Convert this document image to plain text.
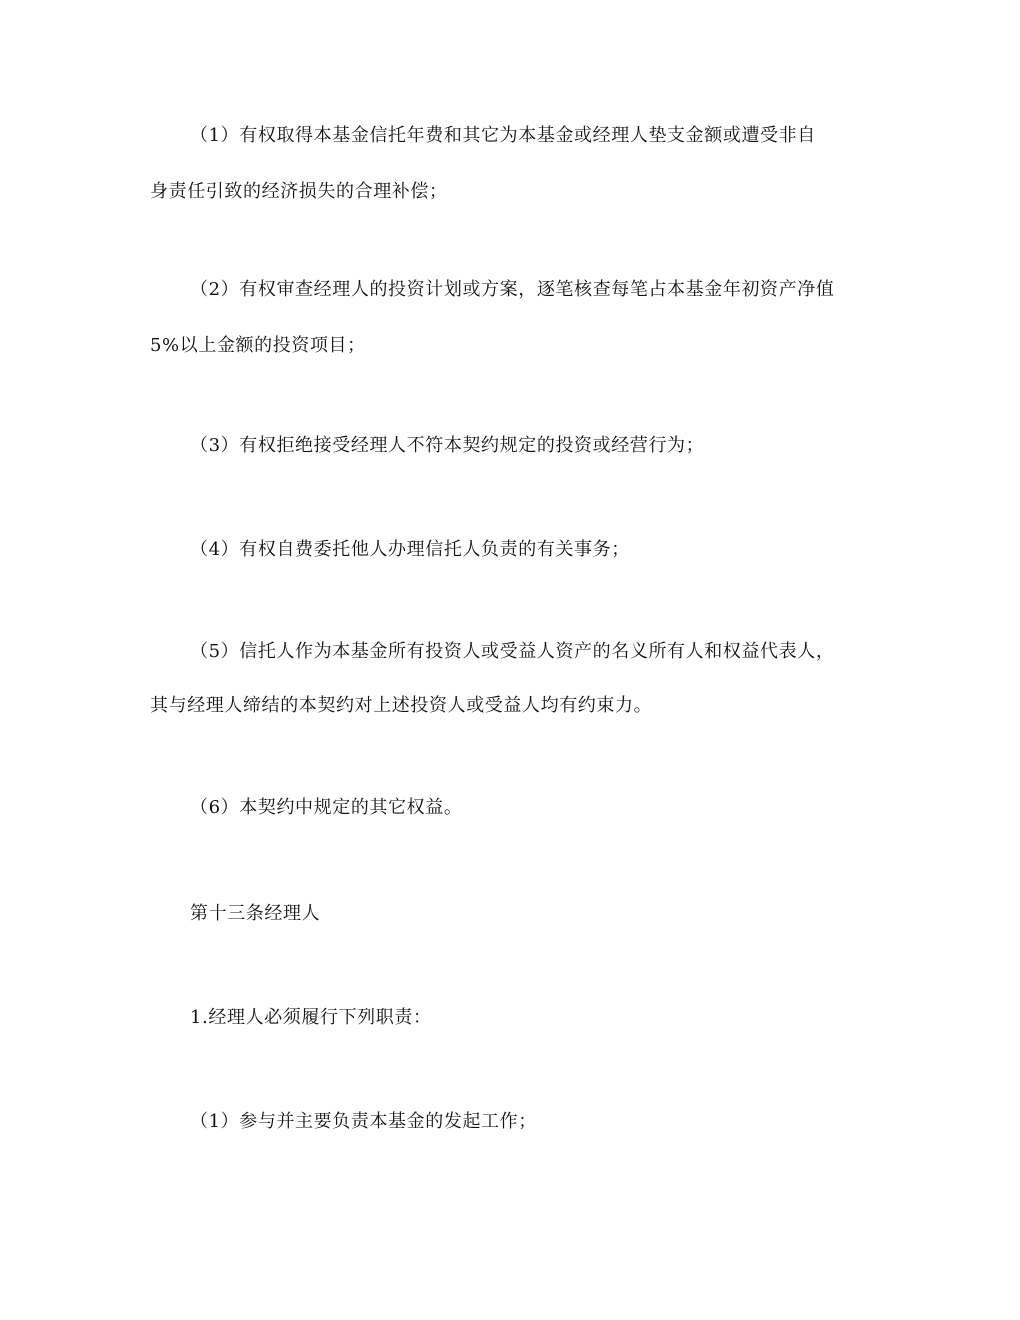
（1）有权取得本基金信托年费和其它为本基金或经理人垫支金额或遭受非自
身责任引致的经济损失的合理补偿；
（2）有权审查经理人的投资计划或方案，逐笔核查每笔占本基金年初资产净值
5%以上金额的投资项目；
（3）有权拒绝接受经理人不符本契约规定的投资或经营行为；
（4）有权自费委托他人办理信托人负责的有关事务；
（5）信托人作为本基金所有投资人或受益人资产的名义所有人和权益代表人，
其与经理人缔结的本契约对上述投资人或受益人均有约束力。
（6）本契约中规定的其它权益。
第十三条经理人
1.经理人必须履行下列职责：
（1）参与并主要负责本基金的发起工作；
